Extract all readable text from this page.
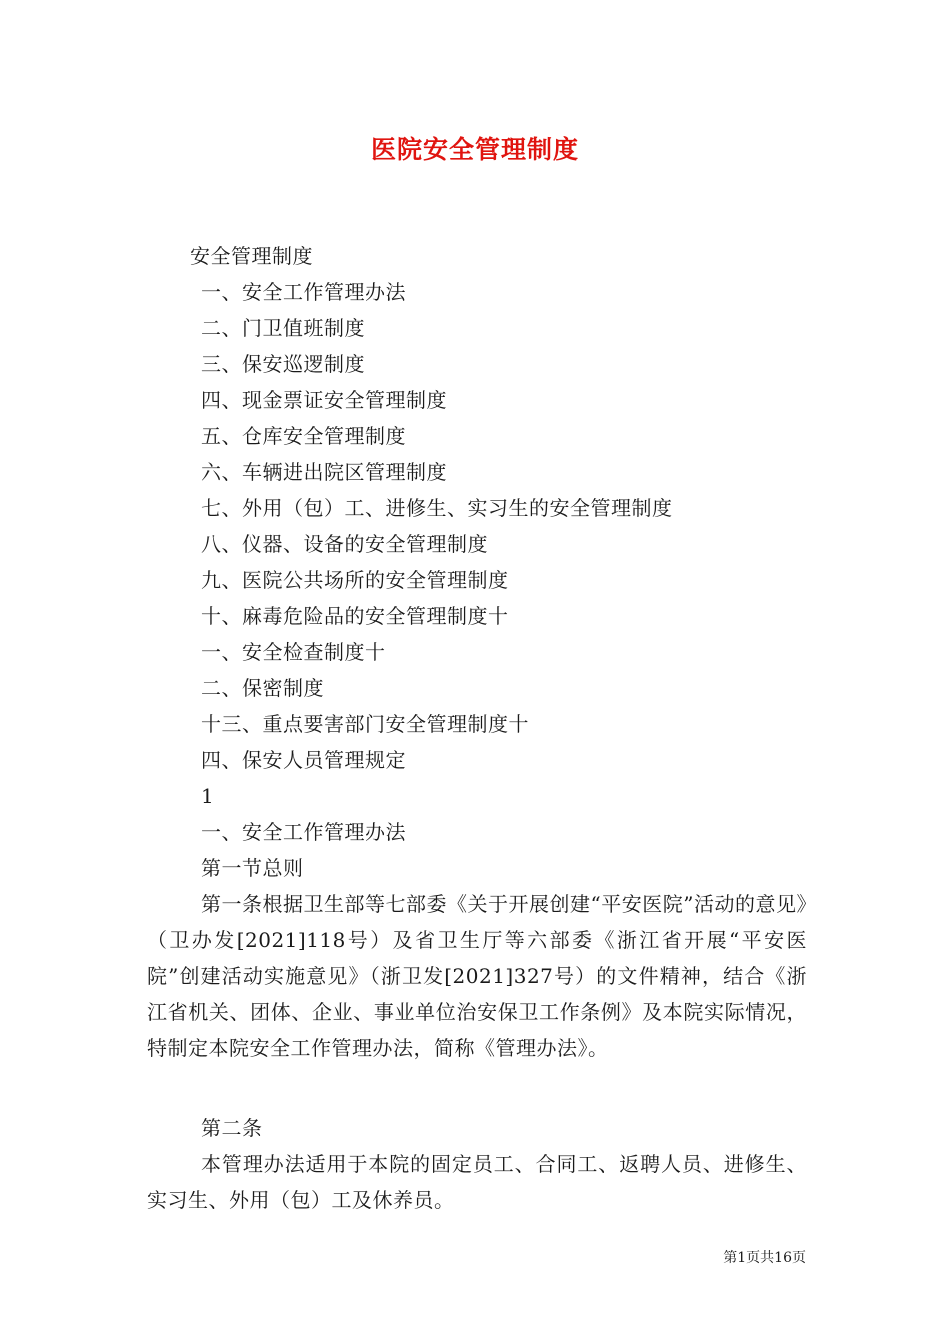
医院安全管理制度
安全管理制度
一、安全工作管理办法
二、门卫值班制度
三、保安巡逻制度
四、现金票证安全管理制度
五、仓库安全管理制度
六、车辆进出院区管理制度
七、外用（包）工、进修生、实习生的安全管理制度
八、仪器、设备的安全管理制度
九、医院公共场所的安全管理制度
十、麻毒危险品的安全管理制度十
一、安全检查制度十
二、保密制度
十三、重点要害部门安全管理制度十
四、保安人员管理规定
1
一、安全工作管理办法
第一节总则

第一条根据卫生部等七部委《关于开展创建“平安医院”活动的意见》（卫办发[2021]118号）及省卫生厅等六部委《浙江省开展“平安医院”创建活动实施意见》（浙卫发[2021]327号）的文件精神，结合《浙江省机关、团体、企业、事业单位治安保卫工作条例》及本院实际情况，特制定本院安全工作管理办法，简称《管理办法》。

第二条

本管理办法适用于本院的固定员工、合同工、返聘人员、进修生、实习生、外用（包）工及休养员。

第1页共16页
